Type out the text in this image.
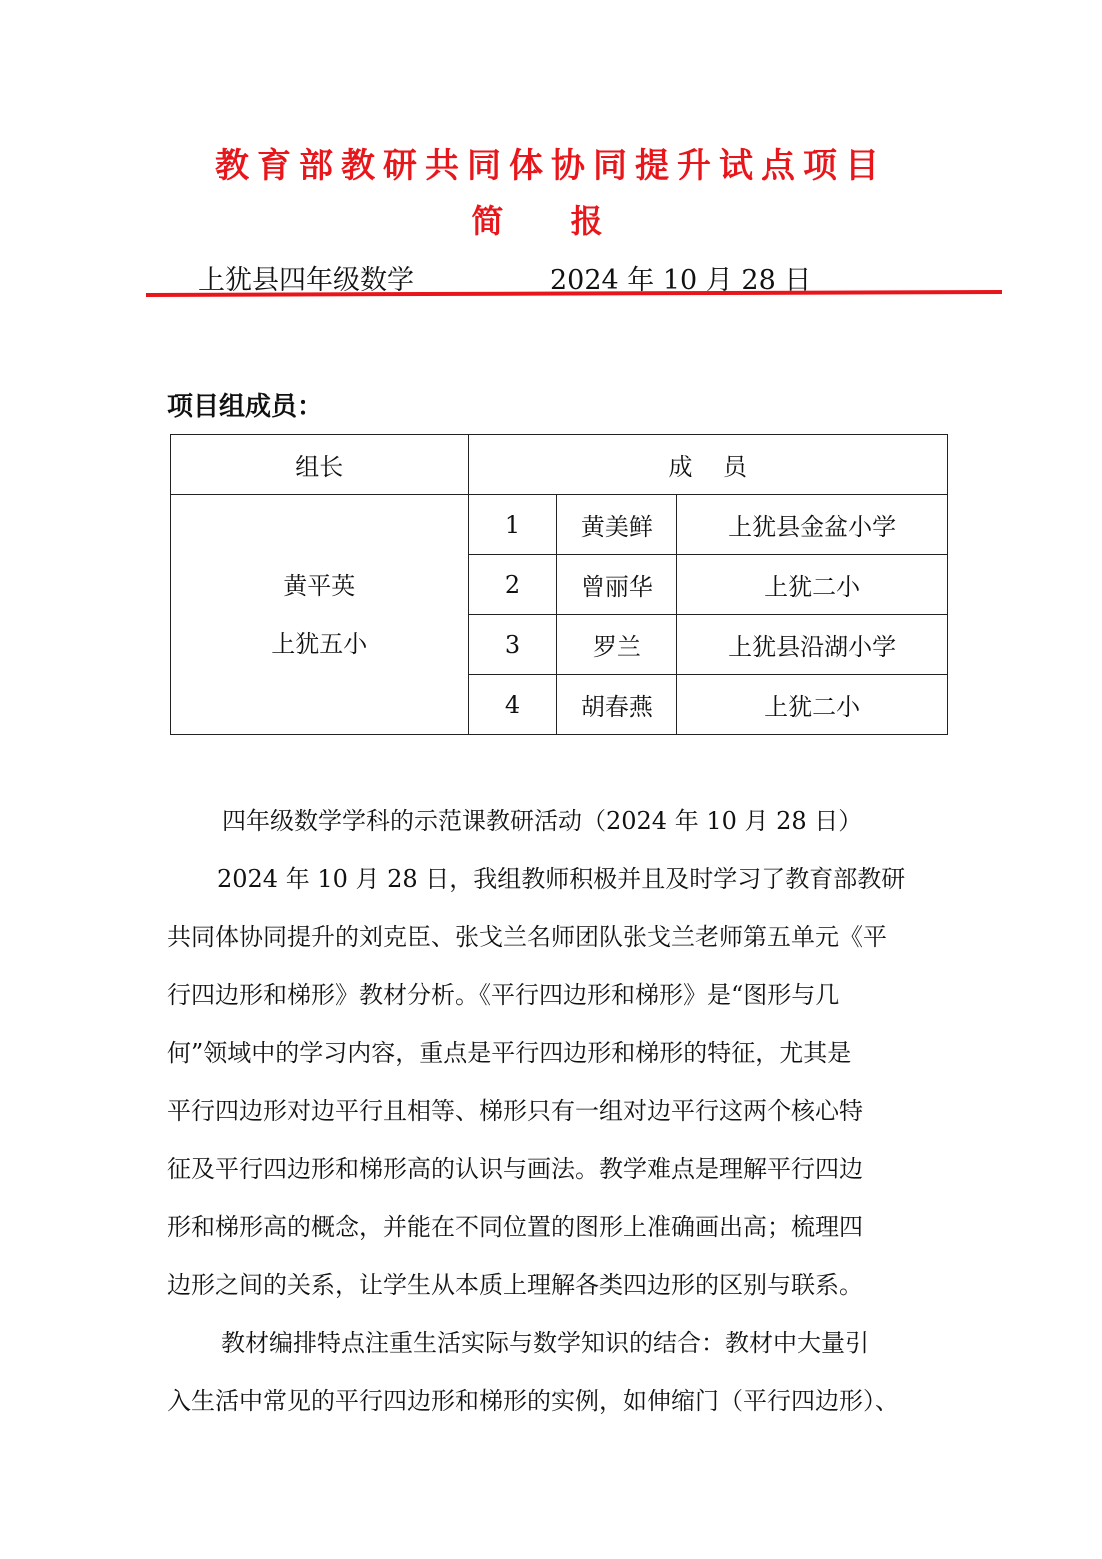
教育部教研共同体协同提升试点项目
简 报
上犹县四年级数学	2024 年 10 月 28 日
项目组成员：
组长	成    员		

黄平英
上犹五小	1	黄美鲜	上犹县金盆小学
	2	曾丽华	上犹二小
	3	罗兰	上犹县沿湖小学
	4	胡春燕	上犹二小
四年级数学学科的示范课教研活动（2024 年 10 月 28 日）
2024 年 10 月 28 日，我组教师积极并且及时学习了教育部教研
共同体协同提升的刘克臣、张戈兰名师团队张戈兰老师第五单元《平
行四边形和梯形》教材分析。《平行四边形和梯形》是“图形与几
何”领域中的学习内容，重点是平行四边形和梯形的特征，尤其是
平行四边形对边平行且相等、梯形只有一组对边平行这两个核心特
征及平行四边形和梯形高的认识与画法。教学难点是理解平行四边
形和梯形高的概念，并能在不同位置的图形上准确画出高；梳理四
边形之间的关系，让学生从本质上理解各类四边形的区别与联系。
教材编排特点注重生活实际与数学知识的结合：教材中大量引
入生活中常见的平行四边形和梯形的实例，如伸缩门（平行四边形）、
